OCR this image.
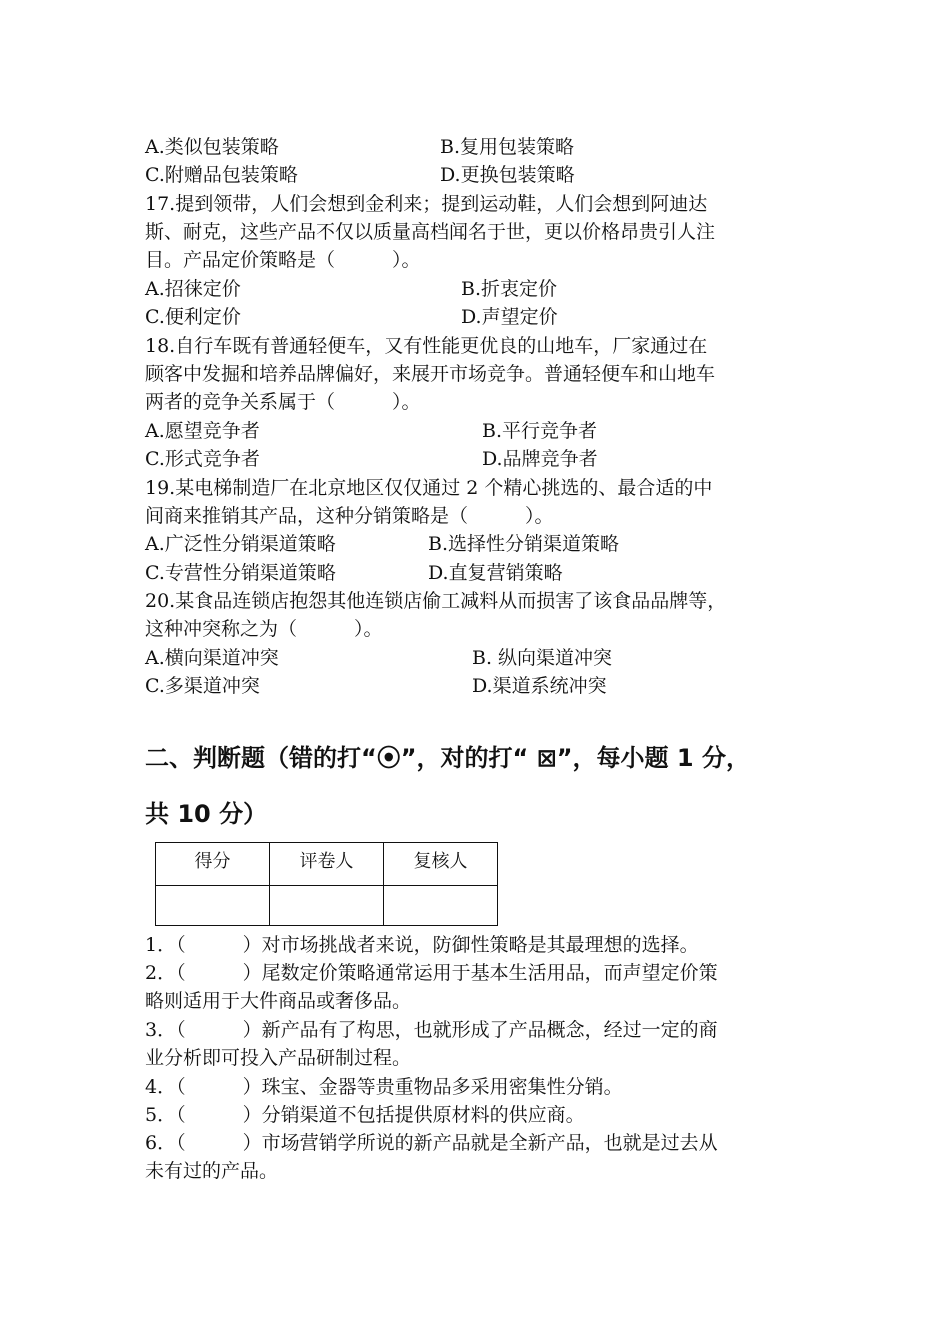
A.类似包装策略	B.复用包装策略
C.附赠品包装策略	D.更换包装策略
17.提到领带，人们会想到金利来；提到运动鞋，人们会想到阿迪达
斯、耐克，这些产品不仅以质量高档闻名于世，更以价格昂贵引人注
目。产品定价策略是（　　　）。
A.招徕定价	B.折衷定价
C.便利定价	D.声望定价
18.自行车既有普通轻便车，又有性能更优良的山地车，厂家通过在
顾客中发掘和培养品牌偏好，来展开市场竞争。普通轻便车和山地车
两者的竞争关系属于（　　　）。
A.愿望竞争者	B.平行竞争者
C.形式竞争者	D.品牌竞争者
19.某电梯制造厂在北京地区仅仅通过 2 个精心挑选的、最合适的中
间商来推销其产品，这种分销策略是（　　　）。
A.广泛性分销渠道策略	B.选择性分销渠道策略
C.专营性分销渠道策略	D.直复营销策略
20.某食品连锁店抱怨其他连锁店偷工减料从而损害了该食品品牌等，
这种冲突称之为（　　　）。
A.横向渠道冲突	B. 纵向渠道冲突
C.多渠道冲突	D.渠道系统冲突
二、判断题（错的打“⦿”，对的打“ ⊠”，每小题 1 分，
共 10 分）
得分	评卷人	复核人

1．（　　　）对市场挑战者来说，防御性策略是其最理想的选择。
2．（　　　）尾数定价策略通常运用于基本生活用品，而声望定价策
略则适用于大件商品或奢侈品。
3．（　　　）新产品有了构思，也就形成了产品概念，经过一定的商
业分析即可投入产品研制过程。
4．（　　　）珠宝、金器等贵重物品多采用密集性分销。
5．（　　　）分销渠道不包括提供原材料的供应商。
6．（　　　）市场营销学所说的新产品就是全新产品，也就是过去从
未有过的产品。
